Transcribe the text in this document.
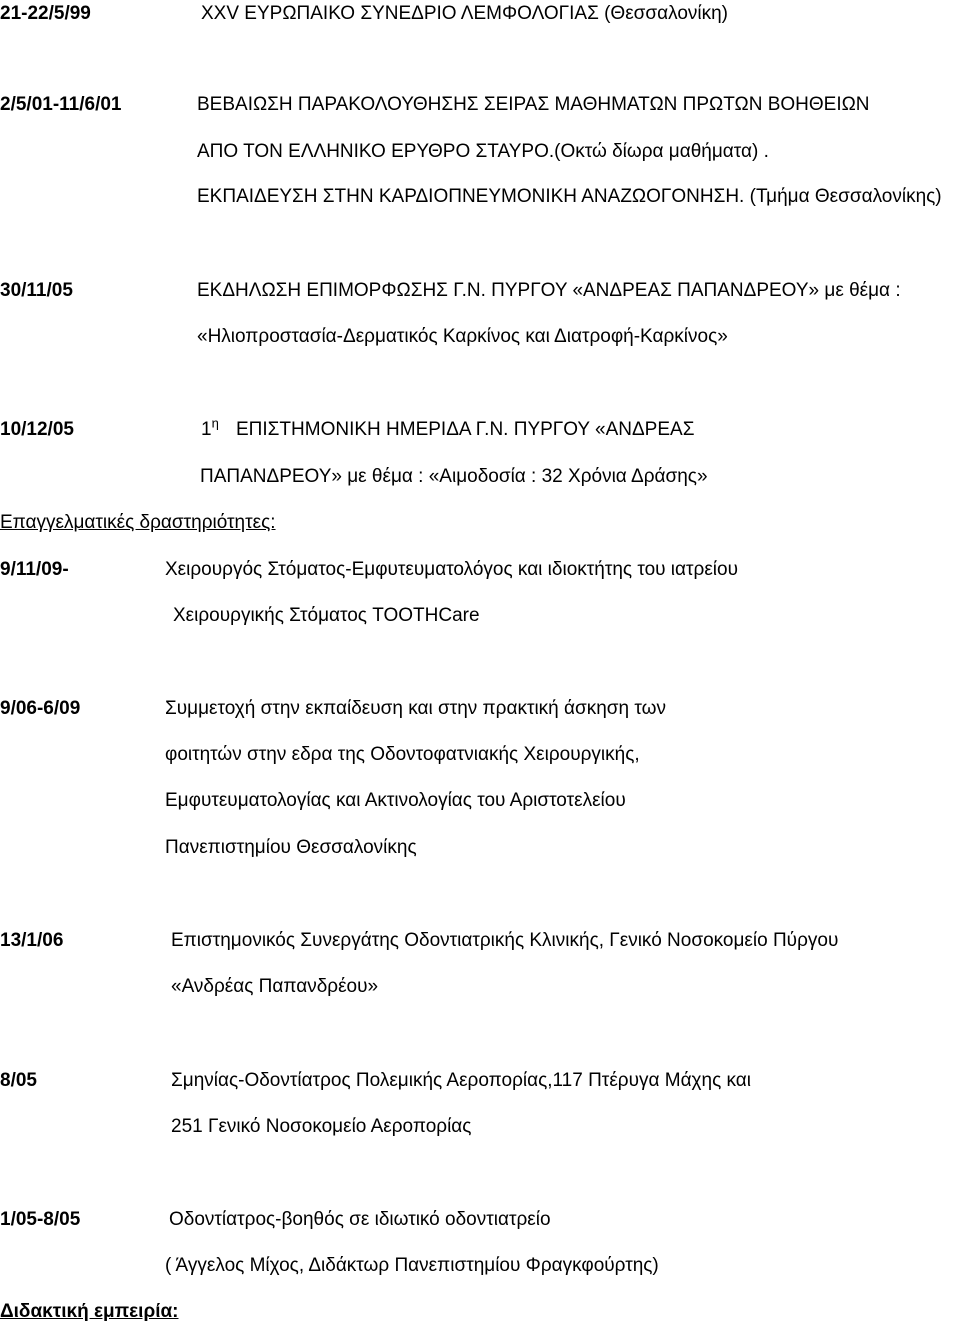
21-22/5/99	XXV ΕΥΡΩΠΑΙΚΟ ΣΥΝΕΔΡΙΟ ΛΕΜΦΟΛΟΓΙΑΣ (Θεσσαλονίκη)
2/5/01-11/6/01	ΒΕΒΑΙΩΣΗ ΠΑΡΑΚΟΛΟΥΘΗΣΗΣ ΣΕΙΡΑΣ ΜΑΘΗΜΑΤΩΝ ΠΡΩΤΩΝ ΒΟΗΘΕΙΩΝ
ΑΠΟ ΤΟΝ ΕΛΛΗΝΙΚΟ ΕΡΥΘΡΟ ΣΤΑΥΡΟ.(Οκτώ δίωρα μαθήματα) .
ΕΚΠΑΙΔΕΥΣΗ ΣΤΗΝ ΚΑΡΔΙΟΠΝΕΥΜΟΝΙΚΗ ΑΝΑΖΩΟΓΟΝΗΣΗ. (Τμήμα Θεσσαλονίκης)
30/11/05	ΕΚΔΗΛΩΣΗ ΕΠΙΜΟΡΦΩΣΗΣ Γ.Ν. ΠΥΡΓΟΥ «ΑΝΔΡΕΑΣ ΠΑΠΑΝΔΡΕΟΥ» με θέμα :
«Ηλιοπροστασία-Δερματικός Καρκίνος και Διατροφή-Καρκίνος»
10/12/05	$1^\eta$ ΕΠΙΣΤΗΜΟΝΙΚΗ ΗΜΕΡΙΔΑ Γ.Ν. ΠΥΡΓΟΥ «ΑΝΔΡΕΑΣ
ΠΑΠΑΝΔΡΕΟΥ» με θέμα : «Αιμοδοσία : 32 Χρόνια Δράσης»
Επαγγελματικές δραστηριότητες:
9/11/09-	Χειρουργός Στόματος-Εμφυτευματολόγος και ιδιοκτήτης του ιατρείου
Χειρουργικής Στόματος TOOTHCare
9/06-6/09	Συμμετοχή στην εκπαίδευση και στην πρακτική άσκηση των
φοιτητών στην εδρα της Οδοντοφατνιακής Χειρουργικής,
Εμφυτευματολογίας και Ακτινολογίας του Αριστοτελείου
Πανεπιστημίου Θεσσαλονίκης
13/1/06	Επιστημονικός Συνεργάτης Οδοντιατρικής Κλινικής, Γενικό Νοσοκομείο Πύργου
«Ανδρέας Παπανδρέου»
8/05	Σμηνίας-Οδοντίατρος Πολεμικής Αεροπορίας,117 Πτέρυγα Μάχης και
251 Γενικό Νοσοκομείο Αεροπορίας
1/05-8/05	Οδοντίατρος-βοηθός σε ιδιωτικό οδοντιατρείο
( Άγγελος Μίχος, Διδάκτωρ Πανεπιστημίου Φραγκφούρτης)
Διδακτική εμπειρία:
